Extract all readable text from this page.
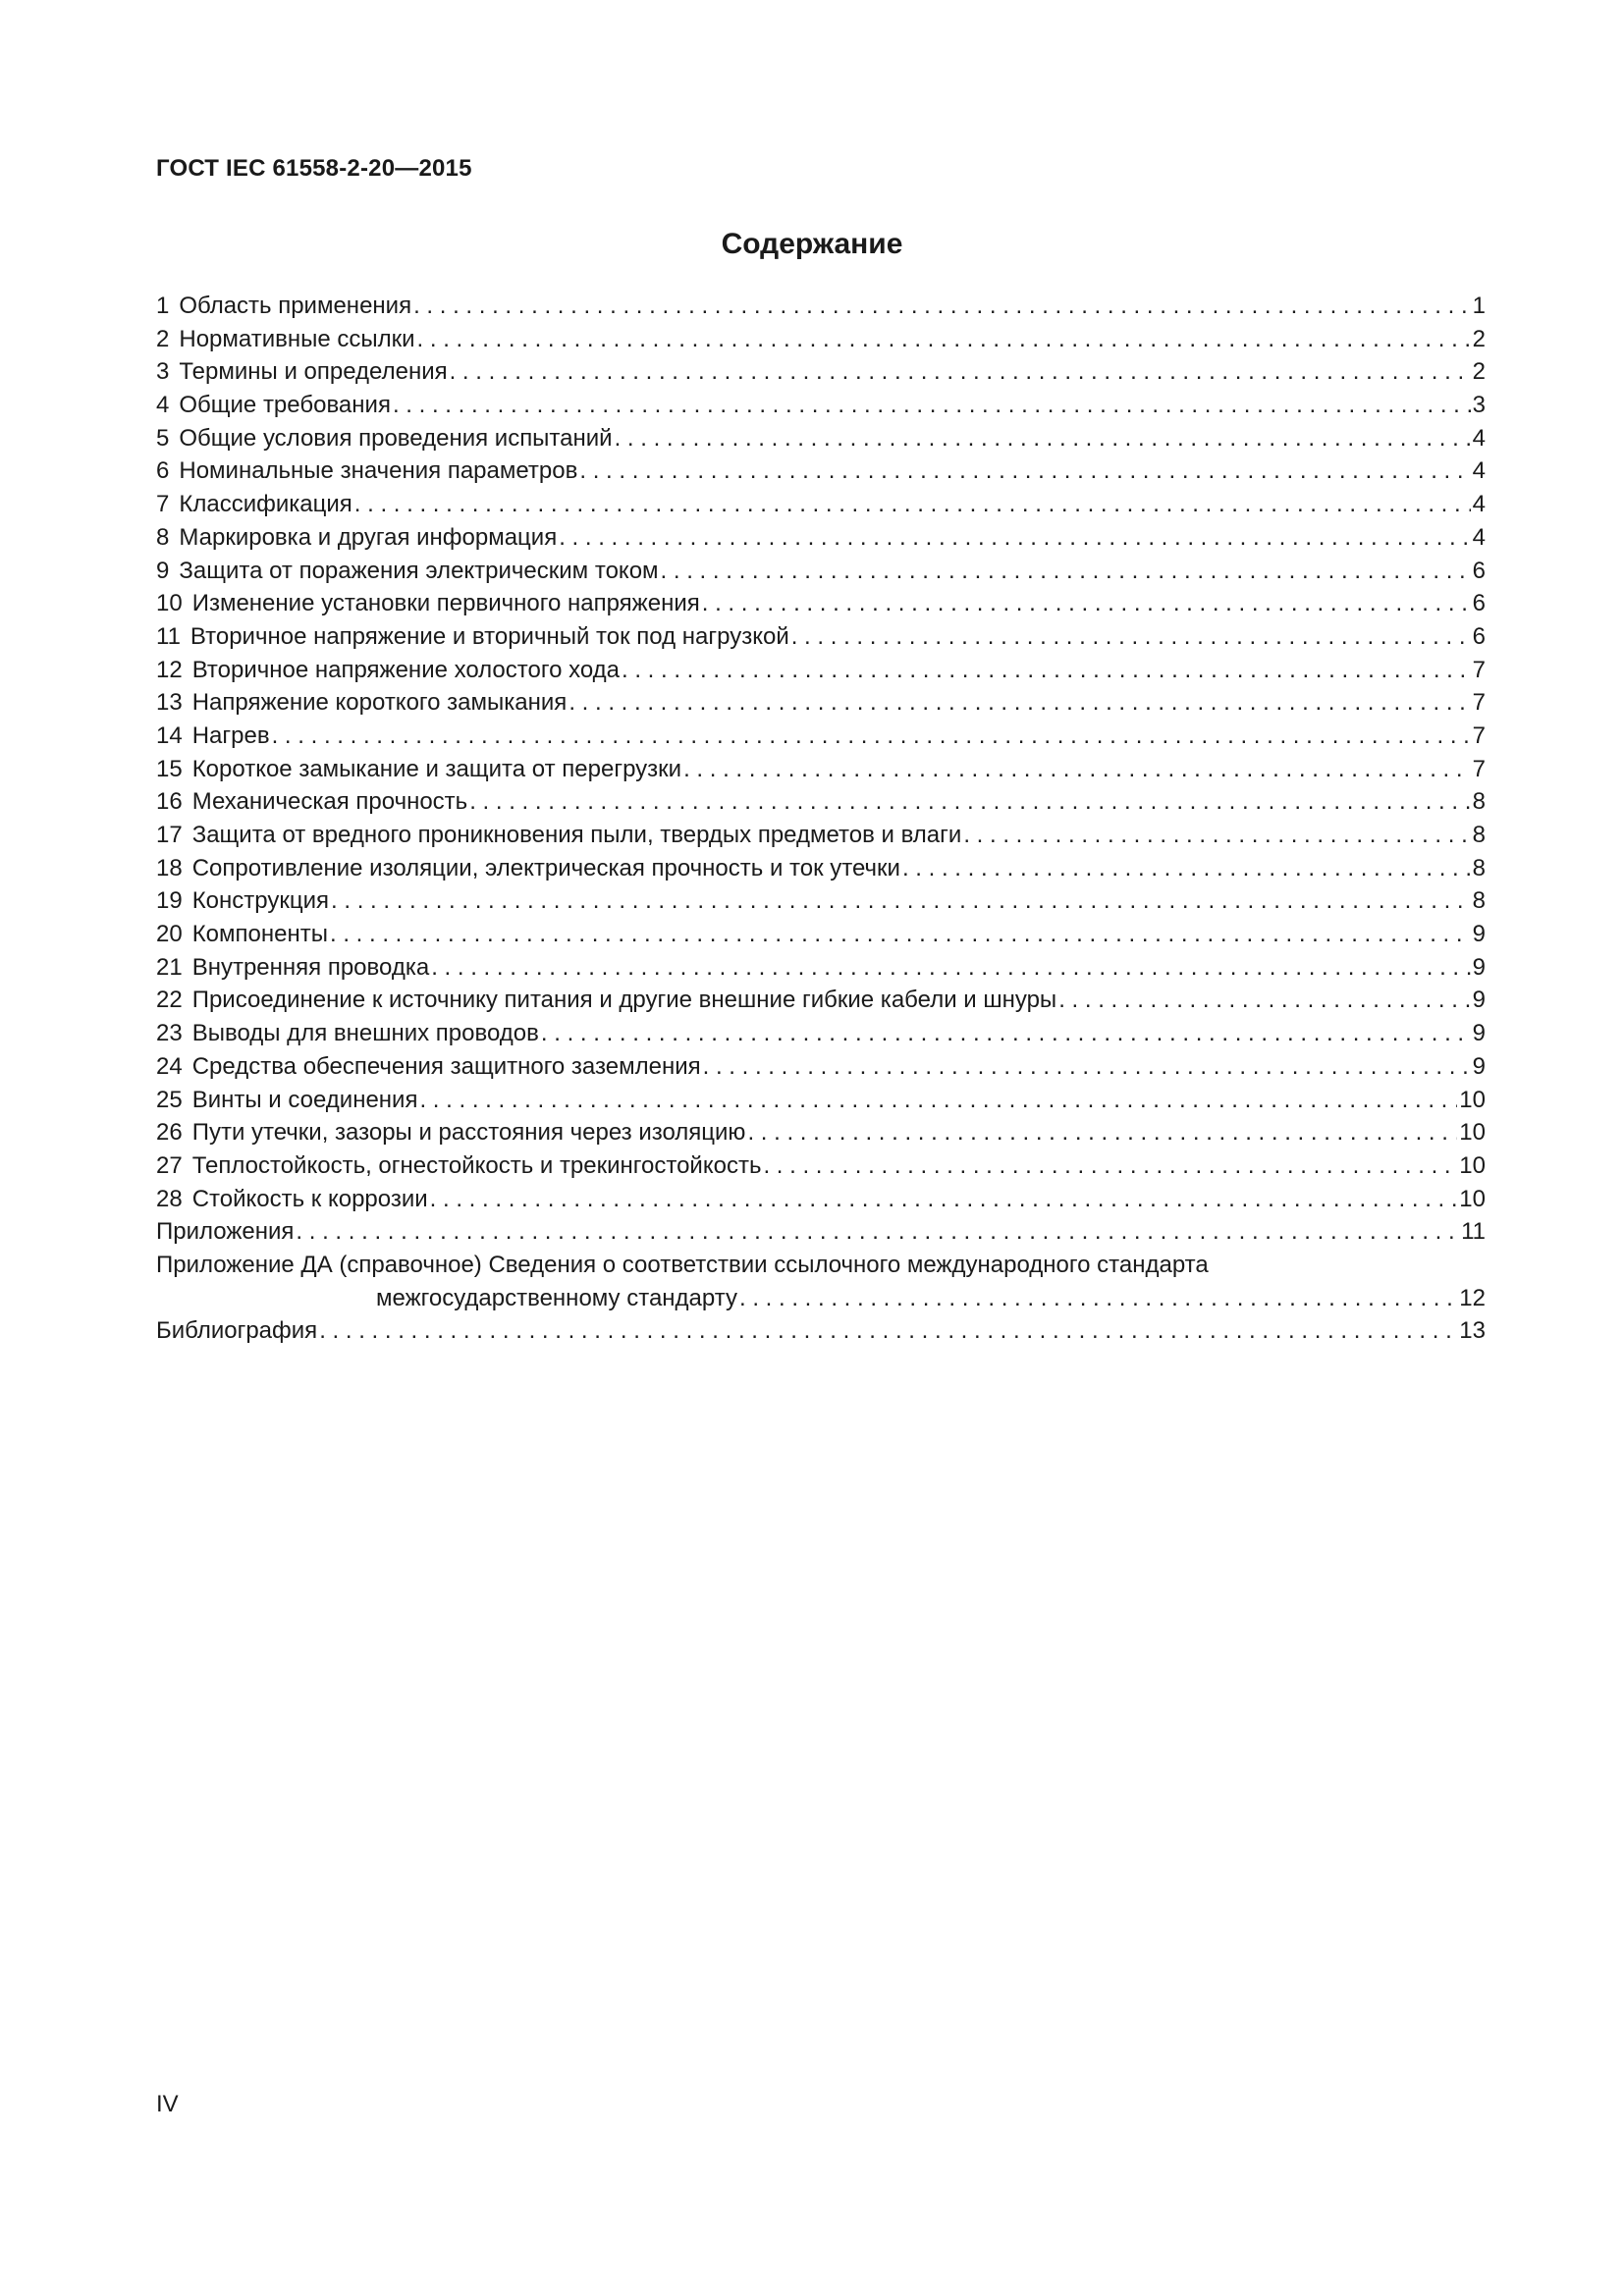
ГОСТ IEC 61558-2-20—2015
Содержание
1 Область применения . . .	1
2 Нормативные ссылки . . .	2
3 Термины и определения . . .	2
4 Общие требования . . .	3
5 Общие условия проведения испытаний . . .	4
6 Номинальные значения параметров . . .	4
7 Классификация . . .	4
8 Маркировка и другая информация . . .	4
9 Защита от поражения электрическим током . . .	6
10 Изменение установки первичного напряжения . . .	6
11 Вторичное напряжение и вторичный ток под нагрузкой . . .	6
12 Вторичное напряжение холостого хода . . .	7
13 Напряжение короткого замыкания . . .	7
14 Нагрев . . .	7
15 Короткое замыкание и защита от перегрузки . . .	7
16 Механическая прочность . . .	8
17 Защита от вредного проникновения пыли, твердых предметов и влаги . . .	8
18 Сопротивление изоляции, электрическая прочность и ток утечки . . .	8
19 Конструкция . . .	8
20 Компоненты . . .	9
21 Внутренняя проводка . . .	9
22 Присоединение к источнику питания и другие внешние гибкие кабели и шнуры . . .	9
23 Выводы для внешних проводов . . .	9
24 Средства обеспечения защитного заземления . . .	9
25 Винты и соединения . . .	10
26 Пути утечки, зазоры и расстояния через изоляцию . . .	10
27 Теплостойкость, огнестойкость и трекингостойкость . . .	10
28 Стойкость к коррозии . . .	10
Приложения . . .	11
Приложение ДА (справочное) Сведения о соответствии ссылочного международного стандарта
межгосударственному стандарту . . .	12
Библиография . . .	13
IV
